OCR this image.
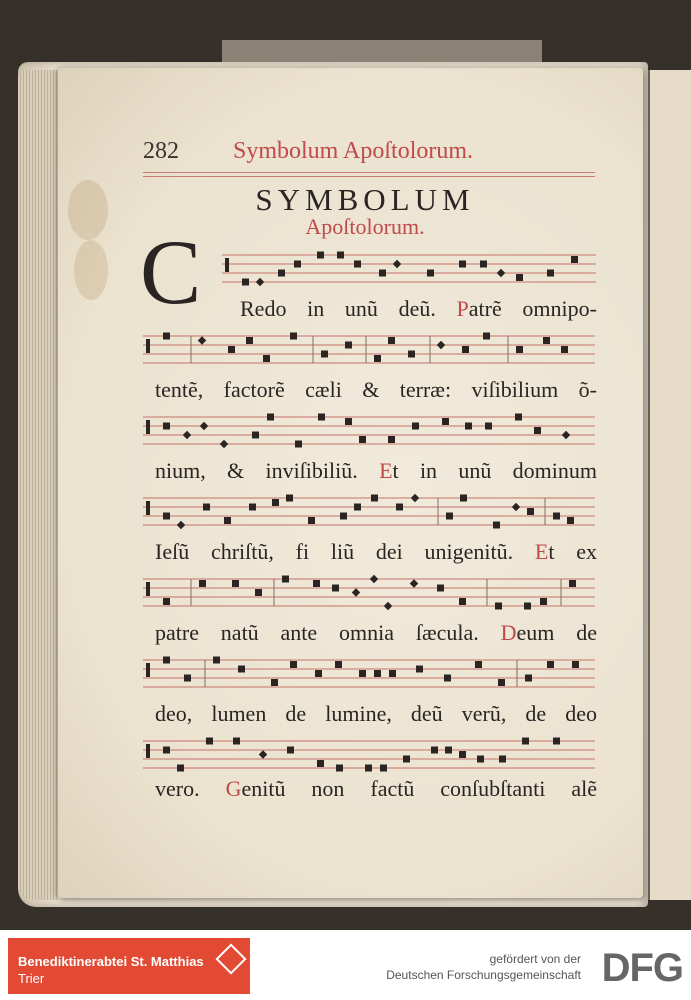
282 Symbolum Apoſtolorum.
SYMBOLUM
Apoſtolorum.
C Redo in unũ deũ. Patrẽ omnipo-
tentẽ, factorẽ cæli & terræ: viſibilium õ-
nium, & inviſibiliũ. Et in unũ dominum
Ieſũ chriſtũ, fi liũ dei unigenitũ. Et ex
patre natũ ante omnia ſæcula. Deum de
deo, lumen de lumine, deũ verũ, de deo
vero. Genitũ non factũ conſubſtanti alẽ
Benediktinerabtei St. Matthias
Trier
gefördert von der
Deutschen Forschungsgemeinschaft DFG
